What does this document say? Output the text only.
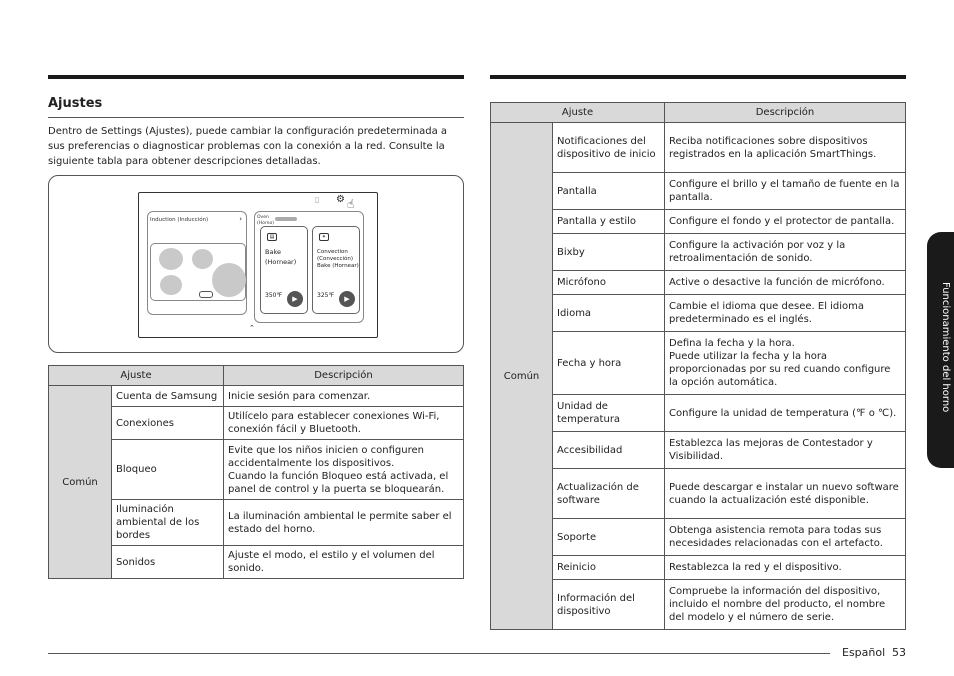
Ajustes
Dentro de Settings (Ajustes), puede cambiar la configuración predeterminada a sus preferencias o diagnosticar problemas con la conexión a la red. Consulte la siguiente tabla para obtener descripciones detalladas.
▯ ⚙ ☝
Induction (Inducción)	›	Oven (Horno)
▤
Bake
(Hornear)
350℉	▶
✴
Convection
(Convección)
Bake (Hornear)
325℉	▶
⌃
Ajuste		Descripción
Común	Cuenta de Samsung	Inicie sesión para comenzar.
	Conexiones	Utilícelo para establecer conexiones Wi-Fi, conexión fácil y Bluetooth.
	Bloqueo	Evite que los niños inicien o configuren accidentalmente los dispositivos.
Cuando la función Bloqueo está activada, el panel de control y la puerta se bloquearán.

	Iluminación ambiental de los bordes	La iluminación ambiental le permite saber el estado del horno.
	Sonidos	Ajuste el modo, el estilo y el volumen del sonido.
Ajuste		Descripción
Común	Notificaciones del dispositivo de inicio	Reciba notificaciones sobre dispositivos registrados en la aplicación SmartThings.
	Pantalla	Configure el brillo y el tamaño de fuente en la pantalla.
	Pantalla y estilo	Configure el fondo y el protector de pantalla.
	Bixby	Configure la activación por voz y la retroalimentación de sonido.
	Micrófono	Active o desactive la función de micrófono.
	Idioma	Cambie el idioma que desee. El idioma predeterminado es el inglés.
	Fecha y hora	Defina la fecha y la hora.
Puede utilizar la fecha y la hora proporcionadas por su red cuando configure la opción automática.

	Unidad de temperatura	Configure la unidad de temperatura (℉ o ℃).
	Accesibilidad	Establezca las mejoras de Contestador y Visibilidad.
	Actualización de software	Puede descargar e instalar un nuevo software cuando la actualización esté disponible.
	Soporte	Obtenga asistencia remota para todas sus necesidades relacionadas con el artefacto.
	Reinicio	Restablezca la red y el dispositivo.
	Información del dispositivo	Compruebe la información del dispositivo, incluido el nombre del producto, el nombre del modelo y el número de serie.
Funcionamiento del horno
Español 53
